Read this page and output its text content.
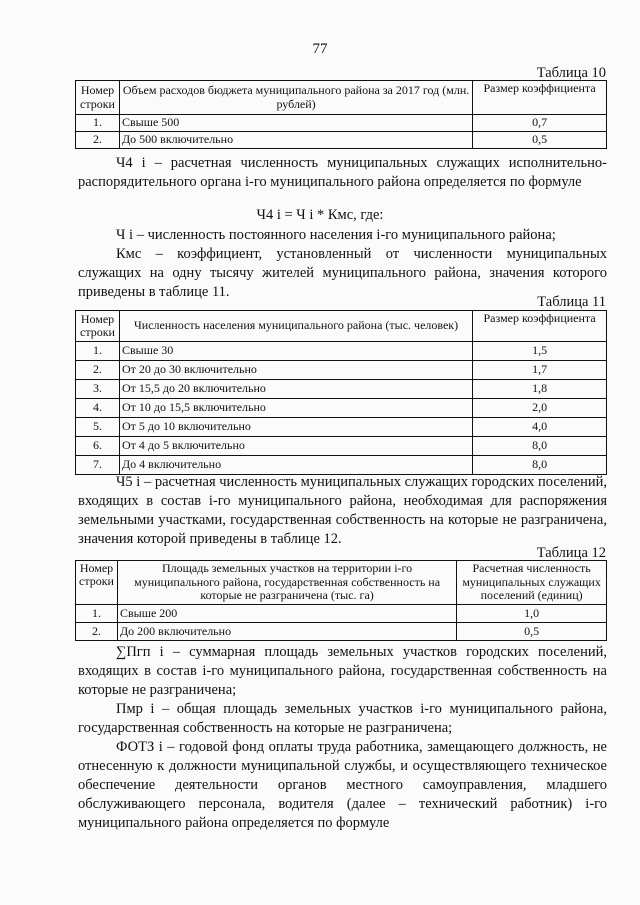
77
Таблица 10
Номер строки	Объем расходов бюджета муниципального района за 2017 год (млн. рублей)	Размер коэффициента
1.	Свыше 500	0,7
2.	До 500 включительно	0,5

Ч4 i – расчетная численность муниципальных служащих исполнительно-распорядительного органа i-го муниципального района определяется по формуле

Ч4 i = Ч i * Кмс, где:

Ч i – численность постоянного населения i-го муниципального района;

Кмс – коэффициент, установленный от численности муниципальных служащих на одну тысячу жителей муниципального района, значения которого приведены в таблице 11.

Таблица 11
Номер строки	Численность населения муниципального района (тыс. человек)	Размер коэффициента
1.	Свыше 30	1,5
2.	От 20 до 30 включительно	1,7
3.	От 15,5 до 20 включительно	1,8
4.	От 10 до 15,5 включительно	2,0
5.	От 5 до 10 включительно	4,0
6.	От 4 до 5 включительно	8,0
7.	До 4 включительно	8,0

Ч5 i – расчетная численность муниципальных служащих городских поселений, входящих в состав i-го муниципального района, необходимая для распоряжения земельными участками, государственная собственность на которые не разграничена, значения которой приведены в таблице 12.

Таблица 12
Номер строки	Площадь земельных участков на территории i-го муниципального района, государственная собственность на которые не разграничена (тыс. га)	Расчетная численность муниципальных служащих поселений (единиц)
1.	Свыше 200	1,0
2.	До 200 включительно	0,5

∑Пгп i – суммарная площадь земельных участков городских поселений, входящих в состав i-го муниципального района, государственная собственность на которые не разграничена;

Пмр i – общая площадь земельных участков i-го муниципального района, государственная собственность на которые не разграничена;

ФОТЗ i – годовой фонд оплаты труда работника, замещающего должность, не отнесенную к должности муниципальной службы, и осуществляющего техническое обеспечение деятельности органов местного самоуправления, младшего обслуживающего персонала, водителя (далее – технический работник) i-го муниципального района определяется по формуле
